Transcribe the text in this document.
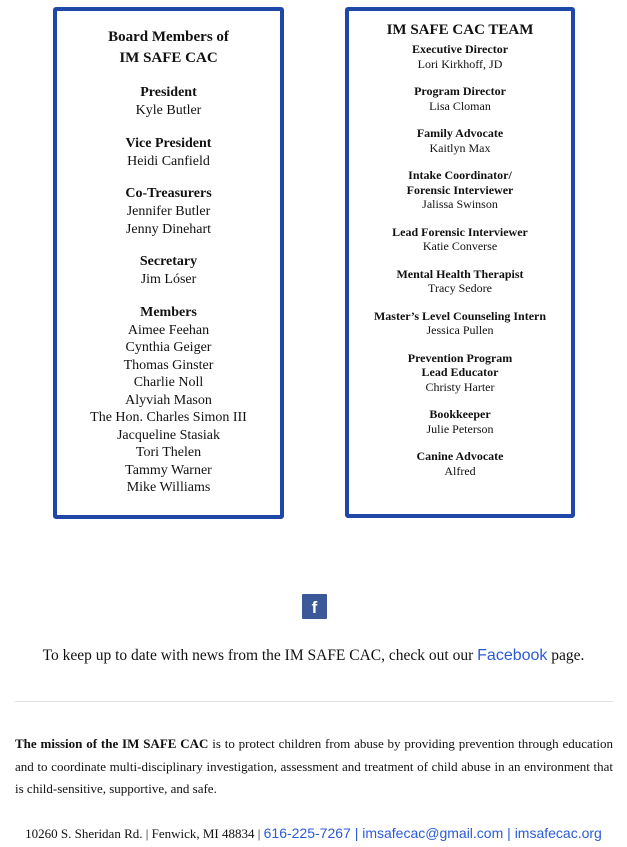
Board Members of
IM SAFE CAC
President
Kyle Butler
Vice President
Heidi Canfield
Co-Treasurers
Jennifer Butler
Jenny Dinehart
Secretary
Jim Lóser
Members
Aimee Feehan
Cynthia Geiger
Thomas Ginster
Charlie Noll
Alyviah Mason
The Hon. Charles Simon III
Jacqueline Stasiak
Tori Thelen
Tammy Warner
Mike Williams
IM SAFE CAC TEAM
Executive Director
Lori Kirkhoff, JD
Program Director
Lisa Cloman
Family Advocate
Kaitlyn Max
Intake Coordinator/
Forensic Interviewer
Jalissa Swinson
Lead Forensic Interviewer
Katie Converse
Mental Health Therapist
Tracy Sedore
Master’s Level Counseling Intern
Jessica Pullen
Prevention Program
Lead Educator
Christy Harter
Bookkeeper
Julie Peterson
Canine Advocate
Alfred
f
To keep up to date with news from the IM SAFE CAC, check out our Facebook page.
The mission of the IM SAFE CAC is to protect children from abuse by providing prevention through education and to coordinate multi-disciplinary investigation, assessment and treatment of child abuse in an environment that is child-sensitive, supportive, and safe.
10260 S. Sheridan Rd. | Fenwick, MI 48834 | 616-225-7267 | imsafecac@gmail.com | imsafecac.org
